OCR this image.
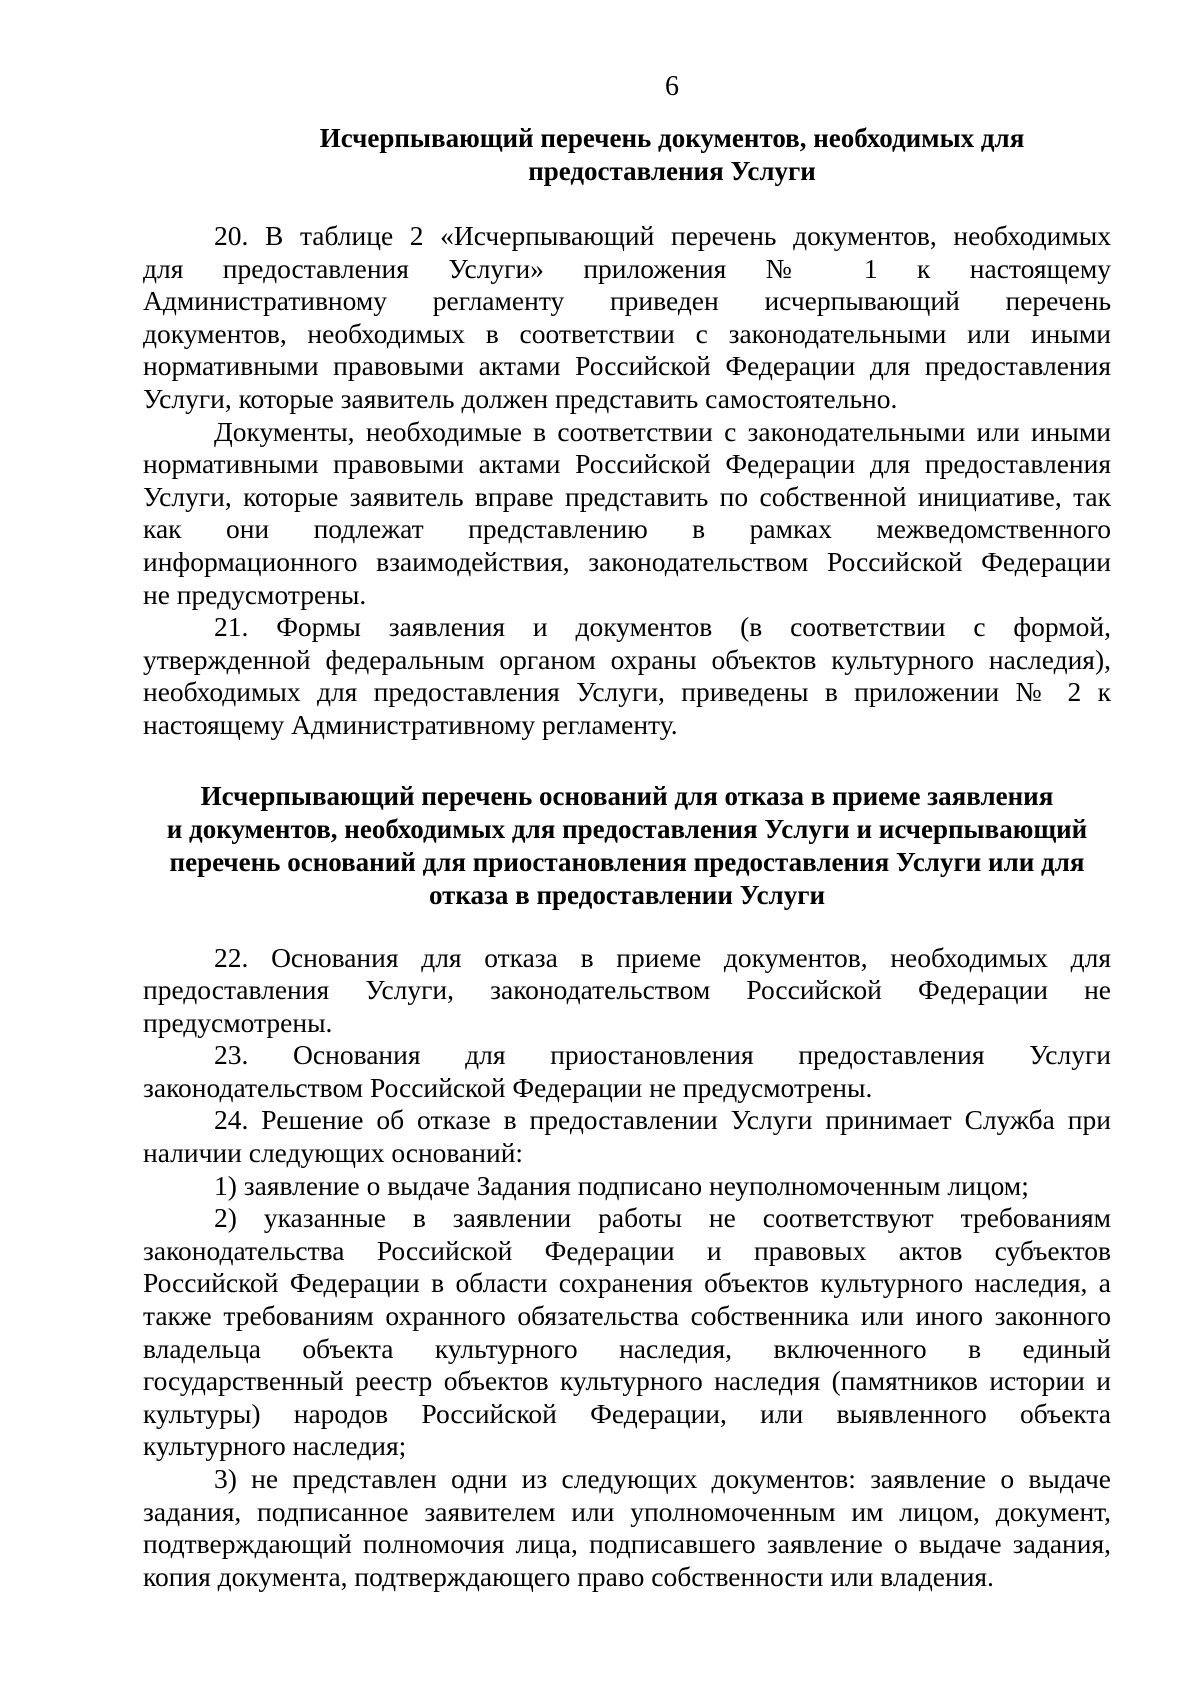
6
Исчерпывающий перечень документов, необходимых для
предоставления Услуги
20. В таблице 2 «Исчерпывающий перечень документов, необходимых
для предоставления Услуги» приложения № 1 к настоящему
Административному регламенту приведен исчерпывающий перечень
документов, необходимых в соответствии с законодательными или иными
нормативными правовыми актами Российской Федерации для предоставления
Услуги, которые заявитель должен представить самостоятельно.
Документы, необходимые в соответствии с законодательными или иными
нормативными правовыми актами Российской Федерации для предоставления
Услуги, которые заявитель вправе представить по собственной инициативе, так
как они подлежат представлению в рамках межведомственного
информационного взаимодействия, законодательством Российской Федерации
не предусмотрены.
21. Формы заявления и документов (в соответствии с формой,
утвержденной федеральным органом охраны объектов культурного наследия),
необходимых для предоставления Услуги, приведены в приложении № 2 к
настоящему Административному регламенту.
Исчерпывающий перечень оснований для отказа в приеме заявления
и документов, необходимых для предоставления Услуги и исчерпывающий
перечень оснований для приостановления предоставления Услуги или для
отказа в предоставлении Услуги
22. Основания для отказа в приеме документов, необходимых для
предоставления Услуги, законодательством Российской Федерации не
предусмотрены.
23. Основания для приостановления предоставления Услуги
законодательством Российской Федерации не предусмотрены.
24. Решение об отказе в предоставлении Услуги принимает Служба при
наличии следующих оснований:
1) заявление о выдаче Задания подписано неуполномоченным лицом;
2) указанные в заявлении работы не соответствуют требованиям
законодательства Российской Федерации и правовых актов субъектов
Российской Федерации в области сохранения объектов культурного наследия, а
также требованиям охранного обязательства собственника или иного законного
владельца объекта культурного наследия, включенного в единый
государственный реестр объектов культурного наследия (памятников истории и
культуры) народов Российской Федерации, или выявленного объекта
культурного наследия;
3) не представлен одни из следующих документов: заявление о выдаче
задания, подписанное заявителем или уполномоченным им лицом, документ,
подтверждающий полномочия лица, подписавшего заявление о выдаче задания,
копия документа, подтверждающего право собственности или владения.
